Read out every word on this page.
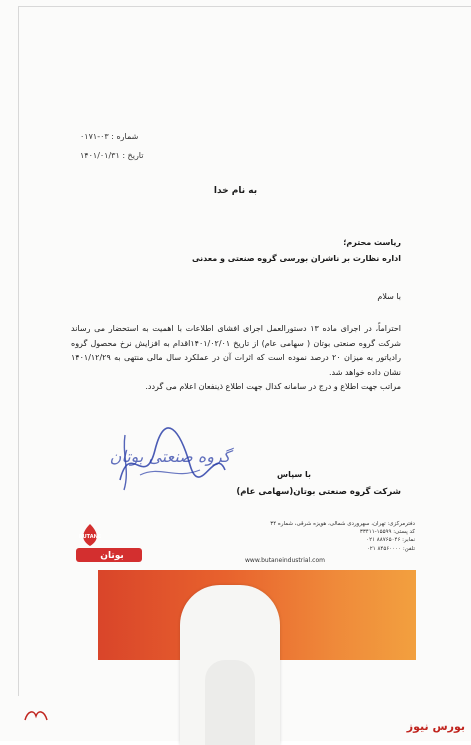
شماره : ۰۳-۰۱۷۱
تاریخ : ۱۴۰۱/۰۱/۳۱
به نام خدا
ریاست محترم؛
اداره نظارت بر ناشران بورسی گروه صنعتی و معدنی
با سلام

احتراماً، در اجرای ماده ۱۳ دستورالعمل اجرای افشای اطلاعات با اهمیت به استحضار می رساند شرکت گروه صنعتی بوتان ( سهامی عام) از تاریخ ۱۴۰۱/۰۲/۰۱اقدام به افزایش نرخ محصول گروه رادیاتور به میزان ۲۰ درصد نموده است که اثرات آن در عملکرد سال مالی منتهی به ۱۴۰۱/۱۲/۲۹ نشان داده خواهد شد.

مراتب جهت اطلاع و درج در سامانه کدال جهت اطلاع ذینفعان اعلام می گردد.

گروه صنعتی بوتان
با سپاس
شرکت گروه صنعتی بوتان(سهامی عام)
BUTANE
بوتان
دفترمرکزی: تهران، سهروردی شمالی، هویزه شرقی، شماره ۳۴
کد پستی: ۱۵۵۹۹-۳۳۴۱۱
نمابر: ۸۸۷۶۵۰۴۶ ۰۲۱
تلفن: ۸۴۵۶۰۰۰۰ ۰۲۱
www.butaneindustrial.com
بورس نیوز
